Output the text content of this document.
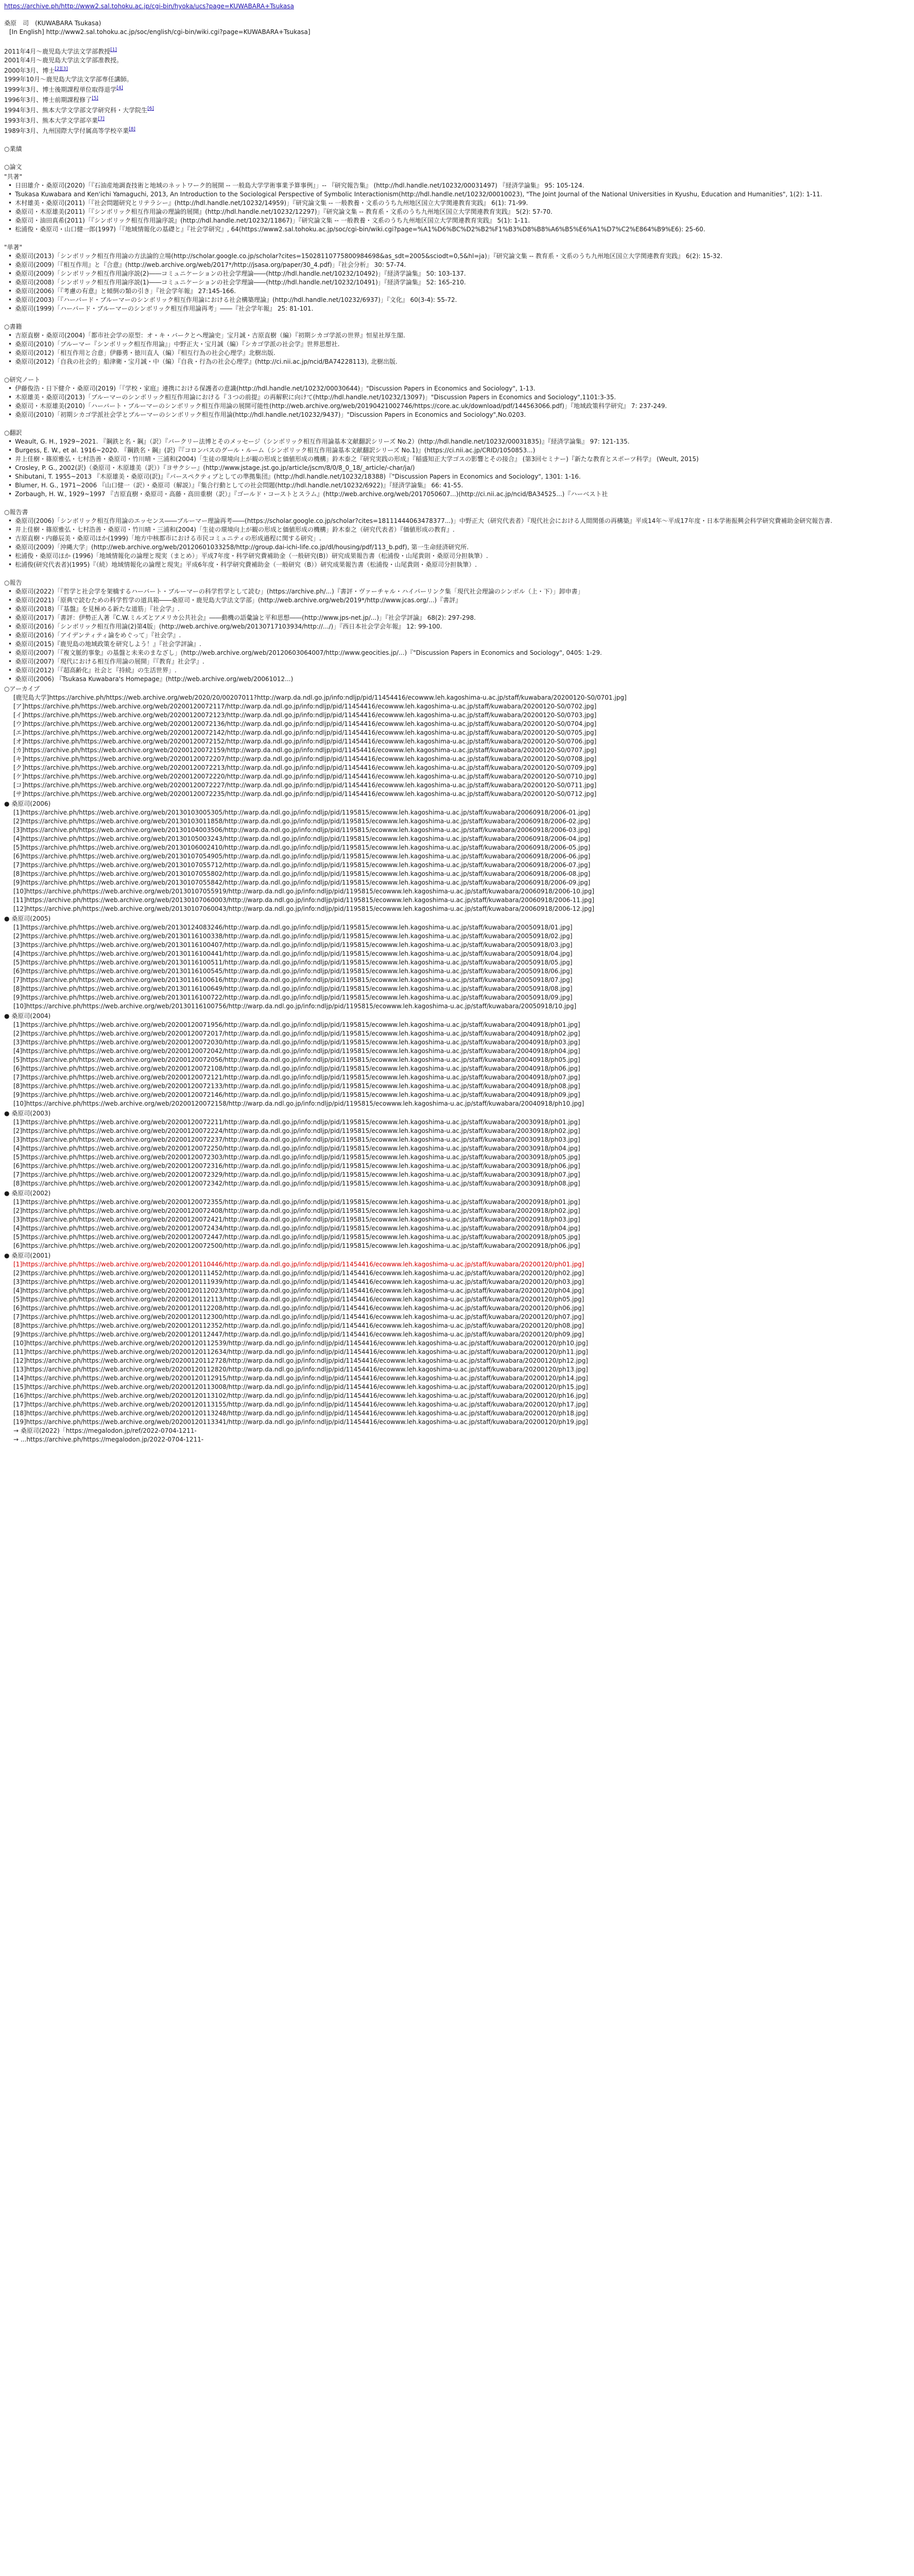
https://archive.ph/http://www2.sal.tohoku.ac.jp/cgi-bin/hyoka/ucs?page=KUWABARA+Tsukasa

桑原　司　(KUWABARA Tsukasa)

[In English] http://www2.sal.tohoku.ac.jp/soc/english/cgi-bin/wiki.cgi?page=KUWABARA+Tsukasa]

2011年4月〜鹿児島大学法文学部教授[1]

2001年4月〜鹿児島大学法文学部准教授。

2000年3月、博士[2][3]

1999年10月〜鹿児島大学法文学部専任講師。

1999年3月、博士後期課程単位取得退学[4]

1996年3月、博士前期課程修了[5]

1994年3月、熊本大学文学部文学研究科・大学院生[6]

1993年3月、熊本大学文学部卒業[7]

1989年3月、九州国際大学付属高等学校卒業[8]

○業績

○論文

"共著"

• 日田雄介・桑原司(2020)「『石油産地調査技術と地域のネットワーク的展開 -- 一般島大学学術事業予算事例』」-- 『研究報告集』 (http://hdl.handle.net/10232/00031497) 『経済学論集』 95: 105-124.

• Tsukasa Kuwabara and Ken'ichi Yamaguchi, 2013, An Introduction to the Sociological Perspective of Symbolic Interactionism(http://hdl.handle.net/10232/00010023), "The Joint Journal of the National Universities in Kyushu, Education and Humanities", 1(2): 1-11.

• 木村雄美・桑原司(2011)「『社会問題研究とリテラシー』(http://hdl.handle.net/10232/14959)」『研究論文集 -- 一般教養・文系のうち九州地区国立大学関連教育実践』 6(1): 71-99.

• 桑原司・木原雄美(2011)「『シンボリック相互作用論の理論的展開』(http://hdl.handle.net/10232/12297)」『研究論文集 -- 教育系・文系のうち九州地区国立大学関連教育実践』 5(2): 57-70.

• 桑原司・油田真希(2011)「『シンボリック相互作用論序説』(http://hdl.handle.net/10232/11867)」『研究論文集 -- 一般教養・文系のうち九州地区国立大学関連教育実践』 5(1): 1-11.

• 松浦俊・桑原司・山口健一郎(1997)「『地域情報化の基礎と』『社会学研究』, 64(https://www2.sal.tohoku.ac.jp/soc/cgi-bin/wiki.cgi?page=%A1%D6%BC%D2%B2%F1%B3%D8%B8%A6%B5%E6%A1%D7%C2%E864%B9%E6): 25-60.

"単著"

• 桑原司(2013)「シンボリック相互作用論の方法論的立場(http://scholar.google.co.jp/scholar?cites=15028110775800984698&as_sdt=2005&sciodt=0,5&hl=ja)」『研究論文集 -- 教育系・文系のうち九州地区国立大学関連教育実践』 6(2): 15-32.

• 桑原司(2009)「『相互作用』と『合意』(http://web.archive.org/web/2017*/http://jsasa.org/paper/30_4.pdf)」『社会分析』 30: 57-74.

• 桑原司(2009)「シンボリック相互作用論序説(2)――コミュニケーションの社会学理論――(http://hdl.handle.net/10232/10492)」『経済学論集』 50: 103-137.

• 桑原司(2008)「シンボリック相互作用論序説(1)――コミュニケーションの社会学理論――(http://hdl.handle.net/10232/10491)」『経済学論集』 52: 165-210.

• 桑原司(2006)「『考慮の有意』と傾倒の類の引き」『社会学年報』 27:145-166.

• 桑原司(2003)「『ハーバード・ブルーマーのシンボリック相互作用論における社会構築理論』(http://hdl.handle.net/10232/6937)」『文化』 60(3-4): 55-72.

• 桑原司(1999)「ハーバード・ブルーマーのシンボリック相互作用論再考」――『社会学年報』 25: 81-101.

○書籍

• 吉原直樹・桑原司(2004)「都市社会学の原型：オ・キ・バークとヘ理論史」宝月誠・吉原直樹（編）『初期シカゴ学派の世界』恒星社厚生閣.

• 桑原司(2010)「ブルーマー『シンボリック相互作用論』」中野正大・宝月誠（編）『シカゴ学派の社会学』世界思想社.

• 桑原司(2012)「相互作用と合意」伊藤勇・徳川直人（編）『相互行為の社会心理学』北樹出版.

• 桑原司(2012)「自我の社会的」船津衛・宝月誠・中（編）『自我・行為の社会心理学』(http://ci.nii.ac.jp/ncid/BA74228113), 北樹出版.

○研究ノート

• 伊藤俊浩・日下健介・桑原司(2019)「『学校・家庭』連携における保護者の意識(http://hdl.handle.net/10232/00030644)」"Discussion Papers in Economics and Sociology", 1-13.

• 木原雄美・桑原司(2013)「ブルーマーのシンボリック相互作用論における『３つの前提』の再解釈に向けて(http://hdl.handle.net/10232/13097)」"Discussion Papers in Economics and Sociology",1101:3-35.

• 桑原司・木原雄美(2010)「ハーバート・ブルーマーのシンボリック相互作用論の展開可能性(http://web.archive.org/web/20190421002746/https://core.ac.uk/download/pdf/144563066.pdf)」『地域政策科学研究』 7: 237-249.

• 桑原司(2010)「初期シカゴ学派社会学とブルーマーのシンボリック相互作用論(http://hdl.handle.net/10232/9437)」"Discussion Papers in Economics and Sociology",No.0203.

○翻訳

• Weault, G. H., 1929~2021. 『鋼鉄と名・鋼』（訳）『バークリー法博とそのメッセージ（シンボリック相互作用論基本文献翻訳シリーズ No.2）(http://hdl.handle.net/10232/00031835)』『経済学論集』 97: 121-135.

• Burgess, E. W., et al. 1916~2020. 『鋼鉄名・鋼』(訳)『『コロンバスのグール・ルーム（シンボリック相互作用論基本文献翻訳シリーズ No.1)』(https://ci.nii.ac.jp/CRID/1050853...)

• 井上佳樹・篠原雅弘・七村浩善・桑原司・竹川晴・三浦和(2004)「生徒の環境向上が観の形成と価値形成の機構」鈴木泰之『研究実践の形成』『稲盛知正大学ゴスの影響とその接合』 (第3回セミナー)『新たな教育とスポーツ科学』 (Weult, 2015)

• Crosley, P. G., 2002(訳)（桑原司・木原雄美（訳））『ヨサクシー』(http://www.jstage.jst.go.jp/article/jscm/8/0/8_0_18/_article/-char/ja/)

• Shibutani, T. 1955~2013 『木原雄美・桑原司(訳)』『パースペクティブとしての準拠集団』(http://hdl.handle.net/10232/18388)『"Discussion Papers in Economics and Sociology", 1301: 1-16.

• Blumer, H. G., 1971~2006 『山口健一（訳）・桑原司（解説）』『集合行動としての社会問題(http://hdl.handle.net/10232/6922)』『経済学論集』 66: 41-55.

• Zorbaugh, H. W., 1929~1997 『吉原直樹・桑原司・高藤・高田重樹（訳）』『ゴールド・コーストとスラム』(http://web.archive.org/web/2017050607...)(http://ci.nii.ac.jp/ncid/BA34525...)『ハーベスト社

○報告書

• 桑原司(2006)「シンボリック相互作用論のエッセンス――ブルーマー理論再考――(https://scholar.google.co.jp/scholar?cites=18111444063478377...)」中野正大（研究代表者）『現代社会における人間関係の再構築』平成14年〜平成17年度・日本学術振興会科学研究費補助金研究報告書.

• 井上佳樹・篠原雅弘・七村浩善・桑原司・竹川晴・三浦和(2004)「生徒の環境向上が観の形成と価値形成の機構」鈴木泰之（研究代表者）『価値形成の教育』.

• 吉原直樹・内藤辰美・桑原司ほか(1999)「地方中核都市における市民コミュニティの形成過程に関する研究」.

• 桑原司(2009)「沖縄大学」(http://web.archive.org/web/20120601033258/http://group.dai-ichi-life.co.jp/dl/housing/pdf/113_b.pdf), 第一生命経済研究所.

• 松浦俊・桑原司ほか (1996)「地域情報化の論理と現実（まとめ）」平成7年度・科学研究費補助金（一般研究(B)）研究成果報告書（松浦俊・山尾貴則・桑原司分担執筆）.

• 松浦俊(研究代表者)(1995)『（続）地域情報化の論理と現実』平成6年度・科学研究費補助金（一般研究（B））研究成果報告書（松浦俊・山尾貴則・桑原司分担執筆）.

○報告

• 桑原司(2022)「『哲学と社会学を架橋するハーバート・ブルーマーの科学哲学として読む」(https://archive.ph/...)『書評・ヴァーチャル・ハイパーリンク集「現代社会理論のシンボル（上・下）」卸申書」

• 桑原司(2021)「原典で読むための科学哲学の道具箱――桑原司・鹿児島大学法文学部」(http://web.archive.org/web/2019*/http://www.jcas.org/...)『書評』

• 桑原司(2018)「『基盤』を見極める新たな道筋」『社会学』.

• 桑原司(2017)「書評：伊勢正人著『C.W.ミルズとアメリカ公共社会』――動機の語彙論と平和思想――(http://www.jps-net.jp/...)」『社会学評論』 68(2): 297-298.

• 桑原司(2016)「シンボリック相互作用論(2)第4版」(http://web.archive.org/web/20130717103934/http://.../)」『西日本社会学会年報』 12: 99-100.

• 桑原司(2016)「アイデンティティ論をめぐって」『社会学』.

• 桑原司(2015)『鹿児島の地域政策を研究しよう！』『社会学評論』.

• 桑原司(2007)「『複文脈的事象』の基盤と未来のまなざし」(http://web.archive.org/web/20120603064007/http://www.geocities.jp/...)『"Discussion Papers in Economics and Sociology", 0405: 1-29.

• 桑原司(2007)「現代における相互作用論の展開」『『教育』社会学』.

• 桑原司(2012)「『超高齢化』社会と『持続』の生活世界」.

• 桑原司(2006) 『Tsukasa Kuwabara's Homepage』(http://web.archive.org/web/20061012...)

○アーカイブ

[鹿児島大学]https://archive.ph/https://web.archive.org/web/2020/20/00207011?http://warp.da.ndl.go.jp/info:ndljp/pid/11454416/ecowww.leh.kagoshima-u.ac.jp/staff/kuwabara/20200120-S0/0701.jpg]

[ア]https://archive.ph/https://web.archive.org/web/20200120072117/http://warp.da.ndl.go.jp/info:ndljp/pid/11454416/ecowww.leh.kagoshima-u.ac.jp/staff/kuwabara/20200120-S0/0702.jpg]

[イ]https://archive.ph/https://web.archive.org/web/20200120072123/http://warp.da.ndl.go.jp/info:ndljp/pid/11454416/ecowww.leh.kagoshima-u.ac.jp/staff/kuwabara/20200120-S0/0703.jpg]

[ウ]https://archive.ph/https://web.archive.org/web/20200120072136/http://warp.da.ndl.go.jp/info:ndljp/pid/11454416/ecowww.leh.kagoshima-u.ac.jp/staff/kuwabara/20200120-S0/0704.jpg]

[エ]https://archive.ph/https://web.archive.org/web/20200120072142/http://warp.da.ndl.go.jp/info:ndljp/pid/11454416/ecowww.leh.kagoshima-u.ac.jp/staff/kuwabara/20200120-S0/0705.jpg]

[オ]https://archive.ph/https://web.archive.org/web/20200120072152/http://warp.da.ndl.go.jp/info:ndljp/pid/11454416/ecowww.leh.kagoshima-u.ac.jp/staff/kuwabara/20200120-S0/0706.jpg]

[カ]https://archive.ph/https://web.archive.org/web/20200120072159/http://warp.da.ndl.go.jp/info:ndljp/pid/11454416/ecowww.leh.kagoshima-u.ac.jp/staff/kuwabara/20200120-S0/0707.jpg]

[キ]https://archive.ph/https://web.archive.org/web/20200120072207/http://warp.da.ndl.go.jp/info:ndljp/pid/11454416/ecowww.leh.kagoshima-u.ac.jp/staff/kuwabara/20200120-S0/0708.jpg]

[ク]https://archive.ph/https://web.archive.org/web/20200120072213/http://warp.da.ndl.go.jp/info:ndljp/pid/11454416/ecowww.leh.kagoshima-u.ac.jp/staff/kuwabara/20200120-S0/0709.jpg]

[ケ]https://archive.ph/https://web.archive.org/web/20200120072220/http://warp.da.ndl.go.jp/info:ndljp/pid/11454416/ecowww.leh.kagoshima-u.ac.jp/staff/kuwabara/20200120-S0/0710.jpg]

[コ]https://archive.ph/https://web.archive.org/web/20200120072227/http://warp.da.ndl.go.jp/info:ndljp/pid/11454416/ecowww.leh.kagoshima-u.ac.jp/staff/kuwabara/20200120-S0/0711.jpg]

[サ]https://archive.ph/https://web.archive.org/web/20200120072235/http://warp.da.ndl.go.jp/info:ndljp/pid/11454416/ecowww.leh.kagoshima-u.ac.jp/staff/kuwabara/20200120-S0/0712.jpg]

● 桑原司(2006)

[1]https://archive.ph/https://web.archive.org/web/20130103005305/http://warp.da.ndl.go.jp/info:ndljp/pid/1195815/ecowww.leh.kagoshima-u.ac.jp/staff/kuwabara/20060918/2006-01.jpg]

[2]https://archive.ph/https://web.archive.org/web/20130103011858/http://warp.da.ndl.go.jp/info:ndljp/pid/1195815/ecowww.leh.kagoshima-u.ac.jp/staff/kuwabara/20060918/2006-02.jpg]

[3]https://archive.ph/https://web.archive.org/web/20130104003506/http://warp.da.ndl.go.jp/info:ndljp/pid/1195815/ecowww.leh.kagoshima-u.ac.jp/staff/kuwabara/20060918/2006-03.jpg]

[4]https://archive.ph/https://web.archive.org/web/20130105003243/http://warp.da.ndl.go.jp/info:ndljp/pid/1195815/ecowww.leh.kagoshima-u.ac.jp/staff/kuwabara/20060918/2006-04.jpg]

[5]https://archive.ph/https://web.archive.org/web/20130106002410/http://warp.da.ndl.go.jp/info:ndljp/pid/1195815/ecowww.leh.kagoshima-u.ac.jp/staff/kuwabara/20060918/2006-05.jpg]

[6]https://archive.ph/https://web.archive.org/web/20130107054905/http://warp.da.ndl.go.jp/info:ndljp/pid/1195815/ecowww.leh.kagoshima-u.ac.jp/staff/kuwabara/20060918/2006-06.jpg]

[7]https://archive.ph/https://web.archive.org/web/20130107055712/http://warp.da.ndl.go.jp/info:ndljp/pid/1195815/ecowww.leh.kagoshima-u.ac.jp/staff/kuwabara/20060918/2006-07.jpg]

[8]https://archive.ph/https://web.archive.org/web/20130107055802/http://warp.da.ndl.go.jp/info:ndljp/pid/1195815/ecowww.leh.kagoshima-u.ac.jp/staff/kuwabara/20060918/2006-08.jpg]

[9]https://archive.ph/https://web.archive.org/web/20130107055842/http://warp.da.ndl.go.jp/info:ndljp/pid/1195815/ecowww.leh.kagoshima-u.ac.jp/staff/kuwabara/20060918/2006-09.jpg]

[10]https://archive.ph/https://web.archive.org/web/20130107055919/http://warp.da.ndl.go.jp/info:ndljp/pid/1195815/ecowww.leh.kagoshima-u.ac.jp/staff/kuwabara/20060918/2006-10.jpg]

[11]https://archive.ph/https://web.archive.org/web/20130107060003/http://warp.da.ndl.go.jp/info:ndljp/pid/1195815/ecowww.leh.kagoshima-u.ac.jp/staff/kuwabara/20060918/2006-11.jpg]

[12]https://archive.ph/https://web.archive.org/web/20130107060043/http://warp.da.ndl.go.jp/info:ndljp/pid/1195815/ecowww.leh.kagoshima-u.ac.jp/staff/kuwabara/20060918/2006-12.jpg]

● 桑原司(2005)

[1]https://archive.ph/https://web.archive.org/web/20130124083246/http://warp.da.ndl.go.jp/info:ndljp/pid/1195815/ecowww.leh.kagoshima-u.ac.jp/staff/kuwabara/20050918/01.jpg]

[2]https://archive.ph/https://web.archive.org/web/20130116100338/http://warp.da.ndl.go.jp/info:ndljp/pid/1195815/ecowww.leh.kagoshima-u.ac.jp/staff/kuwabara/20050918/02.jpg]

[3]https://archive.ph/https://web.archive.org/web/20130116100407/http://warp.da.ndl.go.jp/info:ndljp/pid/1195815/ecowww.leh.kagoshima-u.ac.jp/staff/kuwabara/20050918/03.jpg]

[4]https://archive.ph/https://web.archive.org/web/20130116100441/http://warp.da.ndl.go.jp/info:ndljp/pid/1195815/ecowww.leh.kagoshima-u.ac.jp/staff/kuwabara/20050918/04.jpg]

[5]https://archive.ph/https://web.archive.org/web/20130116100511/http://warp.da.ndl.go.jp/info:ndljp/pid/1195815/ecowww.leh.kagoshima-u.ac.jp/staff/kuwabara/20050918/05.jpg]

[6]https://archive.ph/https://web.archive.org/web/20130116100545/http://warp.da.ndl.go.jp/info:ndljp/pid/1195815/ecowww.leh.kagoshima-u.ac.jp/staff/kuwabara/20050918/06.jpg]

[7]https://archive.ph/https://web.archive.org/web/20130116100616/http://warp.da.ndl.go.jp/info:ndljp/pid/1195815/ecowww.leh.kagoshima-u.ac.jp/staff/kuwabara/20050918/07.jpg]

[8]https://archive.ph/https://web.archive.org/web/20130116100649/http://warp.da.ndl.go.jp/info:ndljp/pid/1195815/ecowww.leh.kagoshima-u.ac.jp/staff/kuwabara/20050918/08.jpg]

[9]https://archive.ph/https://web.archive.org/web/20130116100722/http://warp.da.ndl.go.jp/info:ndljp/pid/1195815/ecowww.leh.kagoshima-u.ac.jp/staff/kuwabara/20050918/09.jpg]

[10]https://archive.ph/https://web.archive.org/web/20130116100756/http://warp.da.ndl.go.jp/info:ndljp/pid/1195815/ecowww.leh.kagoshima-u.ac.jp/staff/kuwabara/20050918/10.jpg]

● 桑原司(2004)

[1]https://archive.ph/https://web.archive.org/web/20200120071956/http://warp.da.ndl.go.jp/info:ndljp/pid/1195815/ecowww.leh.kagoshima-u.ac.jp/staff/kuwabara/20040918/ph01.jpg]

[2]https://archive.ph/https://web.archive.org/web/20200120072017/http://warp.da.ndl.go.jp/info:ndljp/pid/1195815/ecowww.leh.kagoshima-u.ac.jp/staff/kuwabara/20040918/ph02.jpg]

[3]https://archive.ph/https://web.archive.org/web/20200120072030/http://warp.da.ndl.go.jp/info:ndljp/pid/1195815/ecowww.leh.kagoshima-u.ac.jp/staff/kuwabara/20040918/ph03.jpg]

[4]https://archive.ph/https://web.archive.org/web/20200120072042/http://warp.da.ndl.go.jp/info:ndljp/pid/1195815/ecowww.leh.kagoshima-u.ac.jp/staff/kuwabara/20040918/ph04.jpg]

[5]https://archive.ph/https://web.archive.org/web/20200120072056/http://warp.da.ndl.go.jp/info:ndljp/pid/1195815/ecowww.leh.kagoshima-u.ac.jp/staff/kuwabara/20040918/ph05.jpg]

[6]https://archive.ph/https://web.archive.org/web/20200120072108/http://warp.da.ndl.go.jp/info:ndljp/pid/1195815/ecowww.leh.kagoshima-u.ac.jp/staff/kuwabara/20040918/ph06.jpg]

[7]https://archive.ph/https://web.archive.org/web/20200120072121/http://warp.da.ndl.go.jp/info:ndljp/pid/1195815/ecowww.leh.kagoshima-u.ac.jp/staff/kuwabara/20040918/ph07.jpg]

[8]https://archive.ph/https://web.archive.org/web/20200120072133/http://warp.da.ndl.go.jp/info:ndljp/pid/1195815/ecowww.leh.kagoshima-u.ac.jp/staff/kuwabara/20040918/ph08.jpg]

[9]https://archive.ph/https://web.archive.org/web/20200120072146/http://warp.da.ndl.go.jp/info:ndljp/pid/1195815/ecowww.leh.kagoshima-u.ac.jp/staff/kuwabara/20040918/ph09.jpg]

[10]https://archive.ph/https://web.archive.org/web/20200120072158/http://warp.da.ndl.go.jp/info:ndljp/pid/1195815/ecowww.leh.kagoshima-u.ac.jp/staff/kuwabara/20040918/ph10.jpg]

● 桑原司(2003)

[1]https://archive.ph/https://web.archive.org/web/20200120072211/http://warp.da.ndl.go.jp/info:ndljp/pid/1195815/ecowww.leh.kagoshima-u.ac.jp/staff/kuwabara/20030918/ph01.jpg]

[2]https://archive.ph/https://web.archive.org/web/20200120072224/http://warp.da.ndl.go.jp/info:ndljp/pid/1195815/ecowww.leh.kagoshima-u.ac.jp/staff/kuwabara/20030918/ph02.jpg]

[3]https://archive.ph/https://web.archive.org/web/20200120072237/http://warp.da.ndl.go.jp/info:ndljp/pid/1195815/ecowww.leh.kagoshima-u.ac.jp/staff/kuwabara/20030918/ph03.jpg]

[4]https://archive.ph/https://web.archive.org/web/20200120072250/http://warp.da.ndl.go.jp/info:ndljp/pid/1195815/ecowww.leh.kagoshima-u.ac.jp/staff/kuwabara/20030918/ph04.jpg]

[5]https://archive.ph/https://web.archive.org/web/20200120072303/http://warp.da.ndl.go.jp/info:ndljp/pid/1195815/ecowww.leh.kagoshima-u.ac.jp/staff/kuwabara/20030918/ph05.jpg]

[6]https://archive.ph/https://web.archive.org/web/20200120072316/http://warp.da.ndl.go.jp/info:ndljp/pid/1195815/ecowww.leh.kagoshima-u.ac.jp/staff/kuwabara/20030918/ph06.jpg]

[7]https://archive.ph/https://web.archive.org/web/20200120072329/http://warp.da.ndl.go.jp/info:ndljp/pid/1195815/ecowww.leh.kagoshima-u.ac.jp/staff/kuwabara/20030918/ph07.jpg]

[8]https://archive.ph/https://web.archive.org/web/20200120072342/http://warp.da.ndl.go.jp/info:ndljp/pid/1195815/ecowww.leh.kagoshima-u.ac.jp/staff/kuwabara/20030918/ph08.jpg]

● 桑原司(2002)

[1]https://archive.ph/https://web.archive.org/web/20200120072355/http://warp.da.ndl.go.jp/info:ndljp/pid/1195815/ecowww.leh.kagoshima-u.ac.jp/staff/kuwabara/20020918/ph01.jpg]

[2]https://archive.ph/https://web.archive.org/web/20200120072408/http://warp.da.ndl.go.jp/info:ndljp/pid/1195815/ecowww.leh.kagoshima-u.ac.jp/staff/kuwabara/20020918/ph02.jpg]

[3]https://archive.ph/https://web.archive.org/web/20200120072421/http://warp.da.ndl.go.jp/info:ndljp/pid/1195815/ecowww.leh.kagoshima-u.ac.jp/staff/kuwabara/20020918/ph03.jpg]

[4]https://archive.ph/https://web.archive.org/web/20200120072434/http://warp.da.ndl.go.jp/info:ndljp/pid/1195815/ecowww.leh.kagoshima-u.ac.jp/staff/kuwabara/20020918/ph04.jpg]

[5]https://archive.ph/https://web.archive.org/web/20200120072447/http://warp.da.ndl.go.jp/info:ndljp/pid/1195815/ecowww.leh.kagoshima-u.ac.jp/staff/kuwabara/20020918/ph05.jpg]

[6]https://archive.ph/https://web.archive.org/web/20200120072500/http://warp.da.ndl.go.jp/info:ndljp/pid/1195815/ecowww.leh.kagoshima-u.ac.jp/staff/kuwabara/20020918/ph06.jpg]

● 桑原司(2001)

[1]https://archive.ph/https://web.archive.org/web/20200120110446/http://warp.da.ndl.go.jp/info:ndljp/pid/11454416/ecowww.leh.kagoshima-u.ac.jp/staff/kuwabara/20200120/ph01.jpg]

[2]https://archive.ph/https://web.archive.org/web/20200120111452/http://warp.da.ndl.go.jp/info:ndljp/pid/11454416/ecowww.leh.kagoshima-u.ac.jp/staff/kuwabara/20200120/ph02.jpg]

[3]https://archive.ph/https://web.archive.org/web/20200120111939/http://warp.da.ndl.go.jp/info:ndljp/pid/11454416/ecowww.leh.kagoshima-u.ac.jp/staff/kuwabara/20200120/ph03.jpg]

[4]https://archive.ph/https://web.archive.org/web/20200120112023/http://warp.da.ndl.go.jp/info:ndljp/pid/11454416/ecowww.leh.kagoshima-u.ac.jp/staff/kuwabara/20200120/ph04.jpg]

[5]https://archive.ph/https://web.archive.org/web/20200120112113/http://warp.da.ndl.go.jp/info:ndljp/pid/11454416/ecowww.leh.kagoshima-u.ac.jp/staff/kuwabara/20200120/ph05.jpg]

[6]https://archive.ph/https://web.archive.org/web/20200120112208/http://warp.da.ndl.go.jp/info:ndljp/pid/11454416/ecowww.leh.kagoshima-u.ac.jp/staff/kuwabara/20200120/ph06.jpg]

[7]https://archive.ph/https://web.archive.org/web/20200120112300/http://warp.da.ndl.go.jp/info:ndljp/pid/11454416/ecowww.leh.kagoshima-u.ac.jp/staff/kuwabara/20200120/ph07.jpg]

[8]https://archive.ph/https://web.archive.org/web/20200120112352/http://warp.da.ndl.go.jp/info:ndljp/pid/11454416/ecowww.leh.kagoshima-u.ac.jp/staff/kuwabara/20200120/ph08.jpg]

[9]https://archive.ph/https://web.archive.org/web/20200120112447/http://warp.da.ndl.go.jp/info:ndljp/pid/11454416/ecowww.leh.kagoshima-u.ac.jp/staff/kuwabara/20200120/ph09.jpg]

[10]https://archive.ph/https://web.archive.org/web/20200120112539/http://warp.da.ndl.go.jp/info:ndljp/pid/11454416/ecowww.leh.kagoshima-u.ac.jp/staff/kuwabara/20200120/ph10.jpg]

[11]https://archive.ph/https://web.archive.org/web/20200120112634/http://warp.da.ndl.go.jp/info:ndljp/pid/11454416/ecowww.leh.kagoshima-u.ac.jp/staff/kuwabara/20200120/ph11.jpg]

[12]https://archive.ph/https://web.archive.org/web/20200120112728/http://warp.da.ndl.go.jp/info:ndljp/pid/11454416/ecowww.leh.kagoshima-u.ac.jp/staff/kuwabara/20200120/ph12.jpg]

[13]https://archive.ph/https://web.archive.org/web/20200120112820/http://warp.da.ndl.go.jp/info:ndljp/pid/11454416/ecowww.leh.kagoshima-u.ac.jp/staff/kuwabara/20200120/ph13.jpg]

[14]https://archive.ph/https://web.archive.org/web/20200120112915/http://warp.da.ndl.go.jp/info:ndljp/pid/11454416/ecowww.leh.kagoshima-u.ac.jp/staff/kuwabara/20200120/ph14.jpg]

[15]https://archive.ph/https://web.archive.org/web/20200120113008/http://warp.da.ndl.go.jp/info:ndljp/pid/11454416/ecowww.leh.kagoshima-u.ac.jp/staff/kuwabara/20200120/ph15.jpg]

[16]https://archive.ph/https://web.archive.org/web/20200120113102/http://warp.da.ndl.go.jp/info:ndljp/pid/11454416/ecowww.leh.kagoshima-u.ac.jp/staff/kuwabara/20200120/ph16.jpg]

[17]https://archive.ph/https://web.archive.org/web/20200120113155/http://warp.da.ndl.go.jp/info:ndljp/pid/11454416/ecowww.leh.kagoshima-u.ac.jp/staff/kuwabara/20200120/ph17.jpg]

[18]https://archive.ph/https://web.archive.org/web/20200120113248/http://warp.da.ndl.go.jp/info:ndljp/pid/11454416/ecowww.leh.kagoshima-u.ac.jp/staff/kuwabara/20200120/ph18.jpg]

[19]https://archive.ph/https://web.archive.org/web/20200120113341/http://warp.da.ndl.go.jp/info:ndljp/pid/11454416/ecowww.leh.kagoshima-u.ac.jp/staff/kuwabara/20200120/ph19.jpg]

→ 桑原司(2022)「https://megalodon.jp/ref/2022-0704-1211-

→ ...https://archive.ph/https://megalodon.jp/2022-0704-1211-
